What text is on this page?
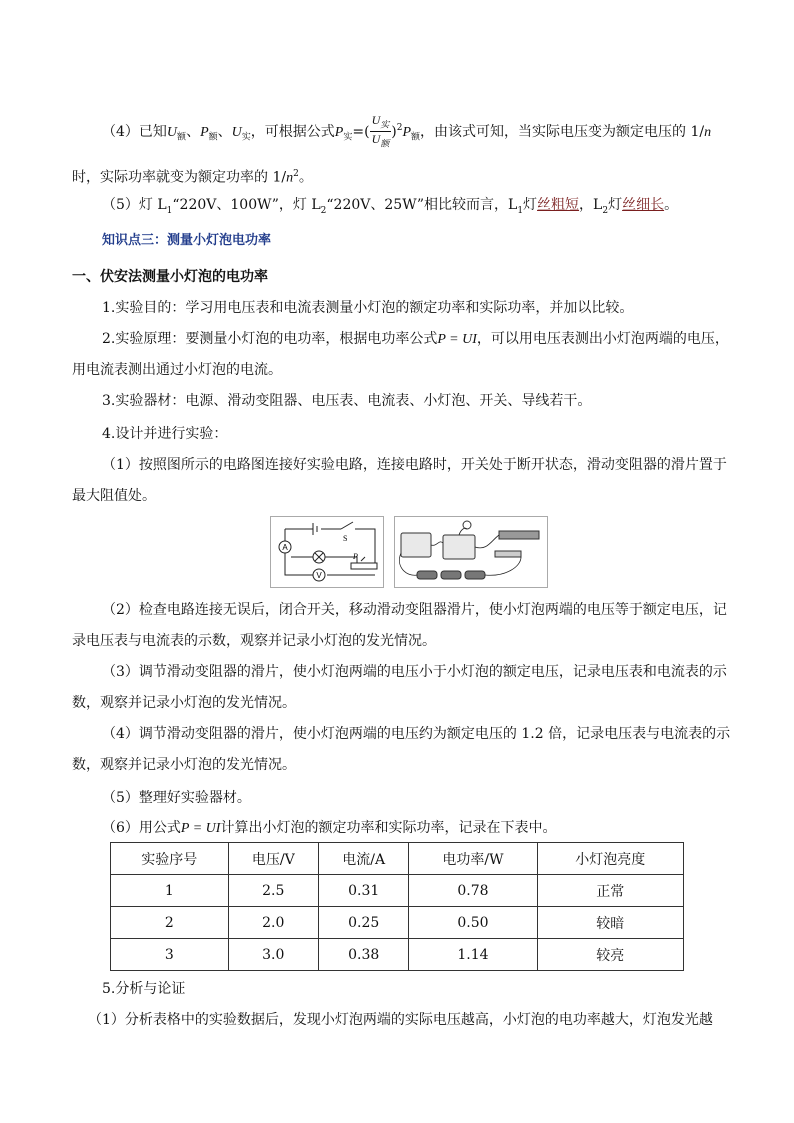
（4）已知$U_额$、$P_额$、$U_实$，可根据公式$P_实=( \frac{U_实}{U_额} )^2P_额$，由该式可知，当实际电压变为额定电压的 1/n
时，实际功率就变为额定功率的 $1/n^2$。
（5）灯 $L_1“220V$、100W”，灯 $L_2“220V$、25W”相比较而言，$L_1$灯丝粗短，$L_2$灯丝细长。
知识点三：测量小灯泡电功率
一、伏安法测量小灯泡的电功率
1.实验目的：学习用电压表和电流表测量小灯泡的额定功率和实际功率，并加以比较。
2.实验原理：要测量小灯泡的电功率，根据电功率公式P = UI，可以用电压表测出小灯泡两端的电压，
用电流表测出通过小灯泡的电流。
3.实验器材：电源、滑动变阻器、电压表、电流表、小灯泡、开关、导线若干。
4.设计并进行实验：
（1）按照图所示的电路图连接好实验电路，连接电路时，开关处于断开状态，滑动变阻器的滑片置于
最大阻值处。
A
V
S
P
（2）检查电路连接无误后，闭合开关，移动滑动变阻器滑片，使小灯泡两端的电压等于额定电压，记
录电压表与电流表的示数，观察并记录小灯泡的发光情况。
（3）调节滑动变阻器的滑片，使小灯泡两端的电压小于小灯泡的额定电压，记录电压表和电流表的示
数，观察并记录小灯泡的发光情况。
（4）调节滑动变阻器的滑片，使小灯泡两端的电压约为额定电压的 1.2 倍，记录电压表与电流表的示
数，观察并记录小灯泡的发光情况。
（5）整理好实验器材。
（6）用公式P = UI计算出小灯泡的额定功率和实际功率，记录在下表中。
实验序号	电压/V	电流/A	电功率/W	小灯泡亮度
1	2.5	0.31	0.78	正常
2	2.0	0.25	0.50	较暗
3	3.0	0.38	1.14	较亮
5.分析与论证
（1）分析表格中的实验数据后，发现小灯泡两端的实际电压越高，小灯泡的电功率越大，灯泡发光越
